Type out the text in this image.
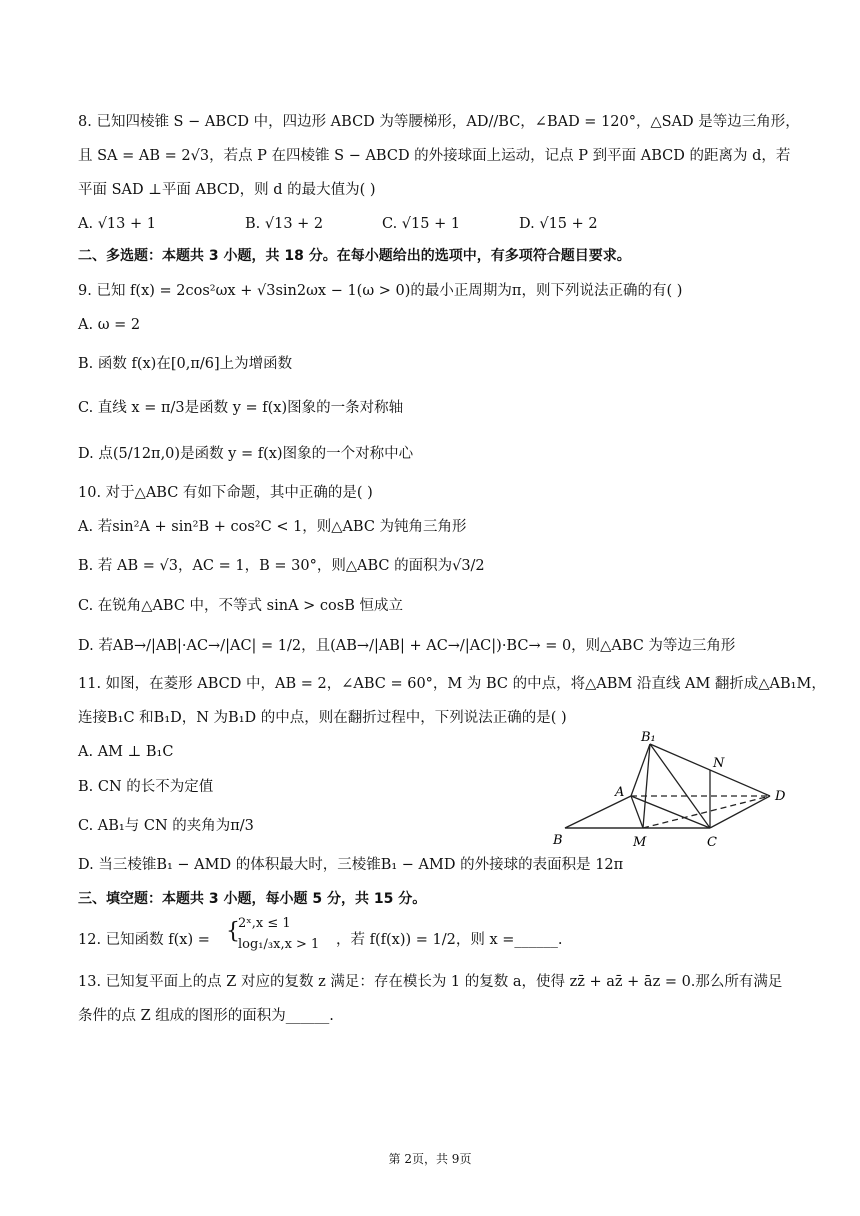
8. 已知四棱锥 S − ABCD 中，四边形 ABCD 为等腰梯形，AD//BC，∠BAD = 120°，△SAD 是等边三角形，
且 SA = AB = 2√3，若点 P 在四棱锥 S − ABCD 的外接球面上运动，记点 P 到平面 ABCD 的距离为 d，若
平面 SAD ⊥平面 ABCD，则 d 的最大值为( )
A. √13 + 1	B. √13 + 2	C. √15 + 1	D. √15 + 2
二、多选题：本题共 3 小题，共 18 分。在每小题给出的选项中，有多项符合题目要求。
9. 已知 f(x) = 2cos²ωx + √3sin2ωx − 1(ω > 0)的最小正周期为π，则下列说法正确的有( )
A. ω = 2
B. 函数 f(x)在[0,π/6]上为增函数
C. 直线 x = π/3是函数 y = f(x)图象的一条对称轴
D. 点(5/12π,0)是函数 y = f(x)图象的一个对称中心
10. 对于△ABC 有如下命题，其中正确的是( )
A. 若sin²A + sin²B + cos²C < 1，则△ABC 为钝角三角形
B. 若 AB = √3，AC = 1，B = 30°，则△ABC 的面积为√3/2
C. 在锐角△ABC 中，不等式 sinA > cosB 恒成立
D. 若AB→/|AB|·AC→/|AC| = 1/2，且(AB→/|AB| + AC→/|AC|)·BC→ = 0，则△ABC 为等边三角形
11. 如图，在菱形 ABCD 中，AB = 2，∠ABC = 60°，M 为 BC 的中点，将△ABM 沿直线 AM 翻折成△AB₁M，
连接B₁C 和B₁D，N 为B₁D 的中点，则在翻折过程中，下列说法正确的是( )
A. AM ⊥ B₁C
B. CN 的长不为定值
C. AB₁与 CN 的夹角为π/3
D. 当三棱锥B₁ − AMD 的体积最大时，三棱锥B₁ − AMD 的外接球的表面积是 12π
B₁
N
A	D
B	M	C
三、填空题：本题共 3 小题，每小题 5 分，共 15 分。
12. 已知函数 f(x) = {
2ˣ,x ≤ 1
log₁/₃x,x > 1 ，若 f(f(x)) = 1/2，则 x =______.
13. 已知复平面上的点 Z 对应的复数 z 满足：存在模长为 1 的复数 a，使得 zz̄ + az̄ + āz = 0.那么所有满足
条件的点 Z 组成的图形的面积为______.
第 2页，共 9页
